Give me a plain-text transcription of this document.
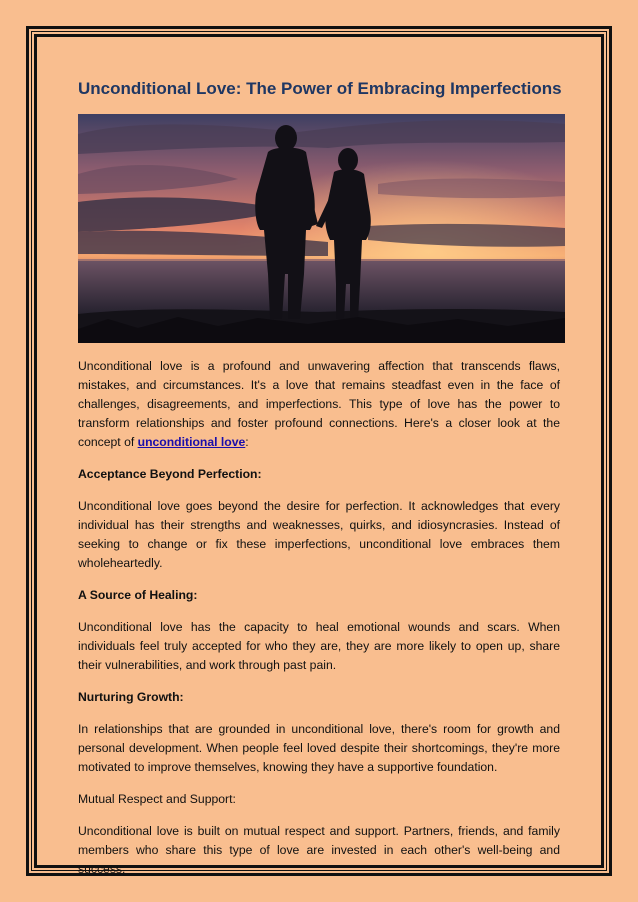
Unconditional Love: The Power of Embracing Imperfections

Unconditional love is a profound and unwavering affection that transcends flaws, mistakes, and circumstances. It's a love that remains steadfast even in the face of challenges, disagreements, and imperfections. This type of love has the power to transform relationships and foster profound connections. Here's a closer look at the concept of unconditional love:

Acceptance Beyond Perfection:

Unconditional love goes beyond the desire for perfection. It acknowledges that every individual has their strengths and weaknesses, quirks, and idiosyncrasies. Instead of seeking to change or fix these imperfections, unconditional love embraces them wholeheartedly.

A Source of Healing:

Unconditional love has the capacity to heal emotional wounds and scars. When individuals feel truly accepted for who they are, they are more likely to open up, share their vulnerabilities, and work through past pain.

Nurturing Growth:

In relationships that are grounded in unconditional love, there's room for growth and personal development. When people feel loved despite their shortcomings, they're more motivated to improve themselves, knowing they have a supportive foundation.

Mutual Respect and Support:

Unconditional love is built on mutual respect and support. Partners, friends, and family members who share this type of love are invested in each other's well-being and success.
